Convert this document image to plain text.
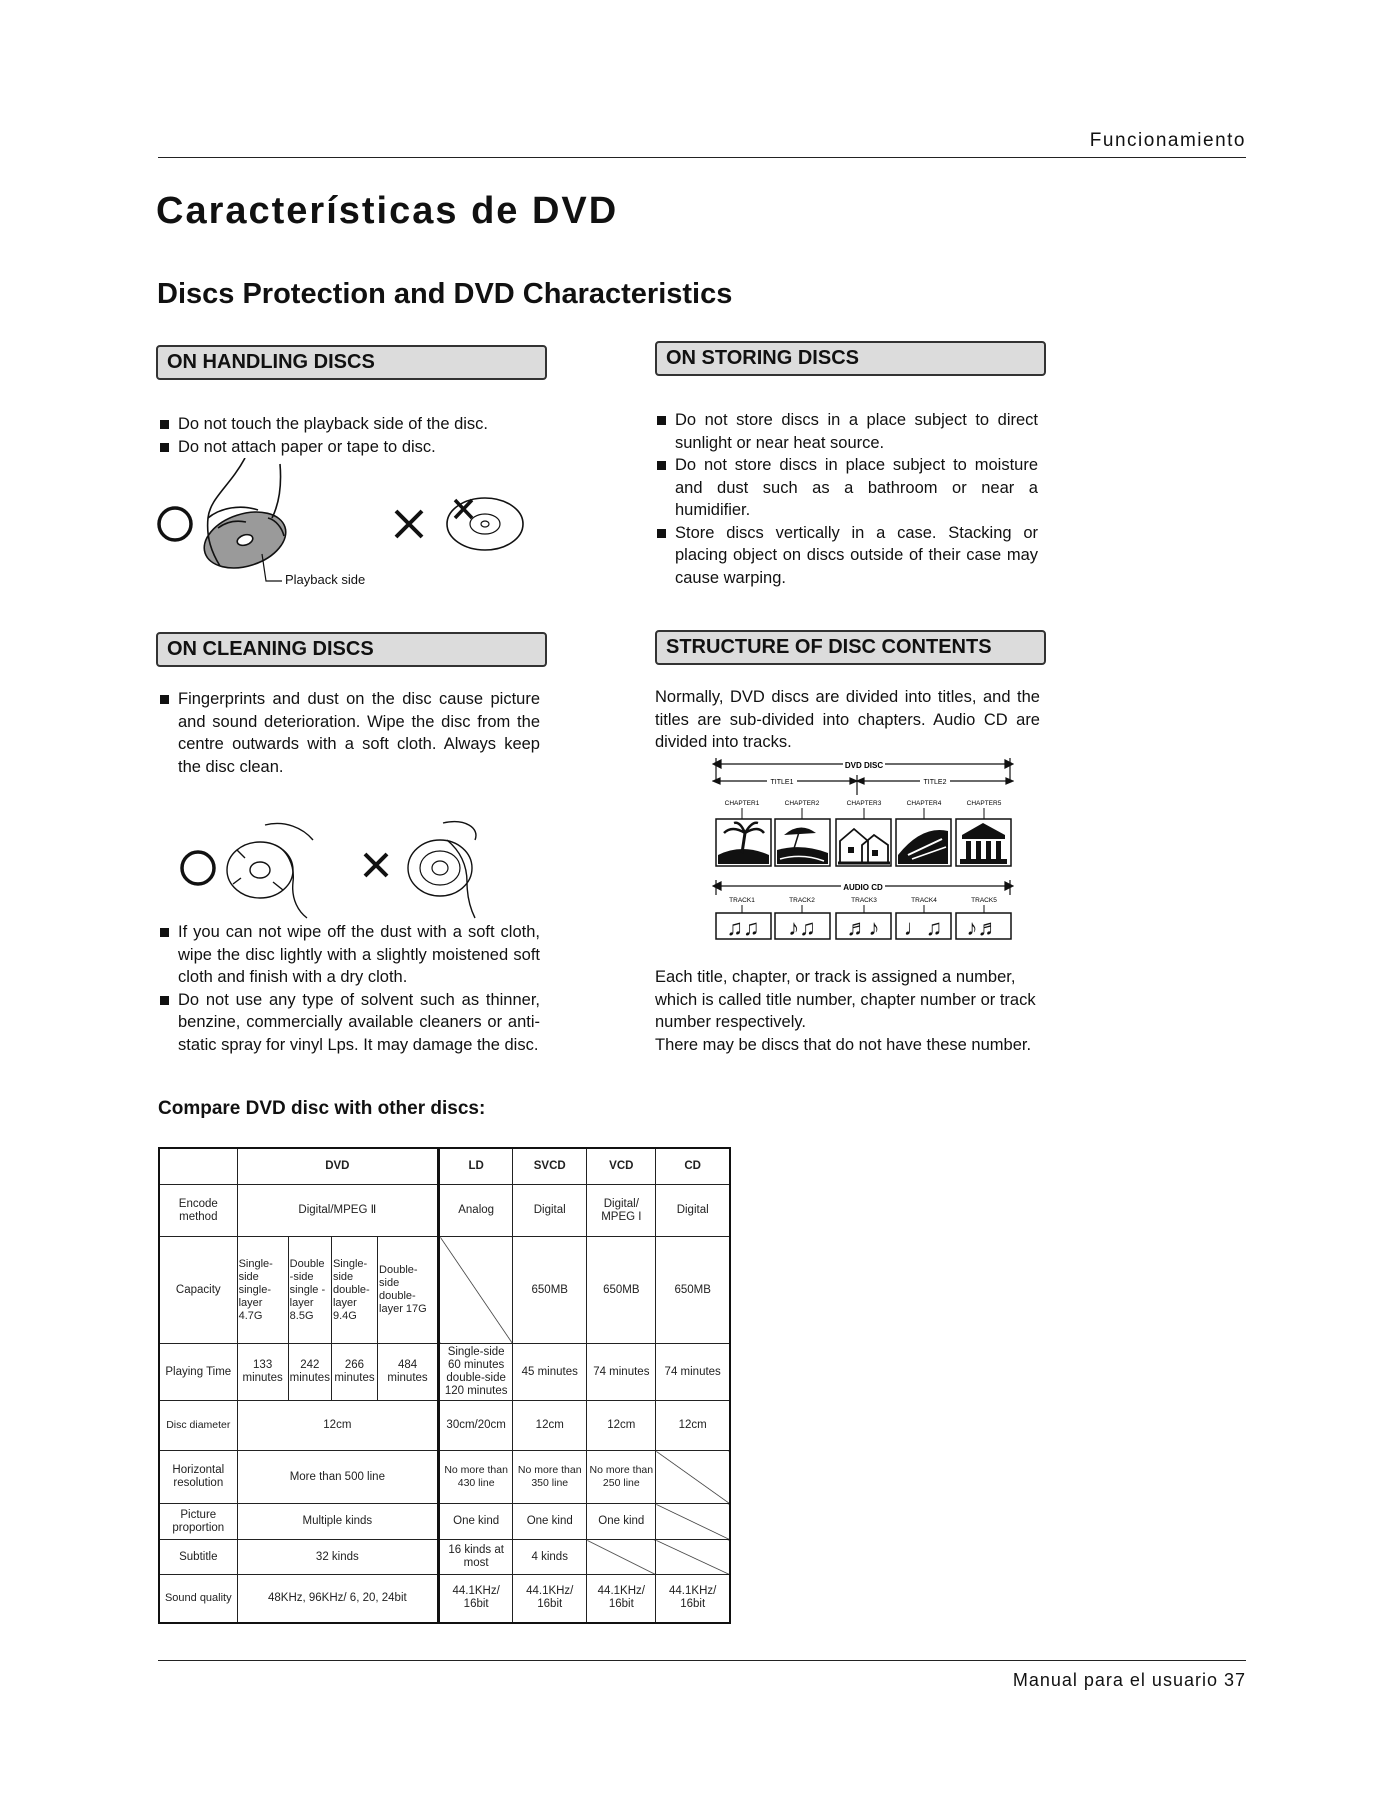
Funcionamiento
Características de DVD
Discs Protection and DVD Characteristics
ON HANDLING DISCS
Do not touch the playback side of the disc.
Do not attach paper or tape to disc.
Playback side
ON STORING DISCS
Do not store discs in a place subject to direct sunlight or near heat source.
Do not store discs in place subject to moisture and dust such as a bathroom or near a humidifier.
Store discs vertically in a case. Stacking or placing object on discs outside of their case may cause warping.
ON CLEANING DISCS
Fingerprints and dust on the disc cause picture and sound deterioration. Wipe the disc from the centre outwards with a soft cloth. Always keep the disc clean.
If you can not wipe off the dust with a soft cloth, wipe the disc lightly with a slightly moistened soft cloth and finish with a dry cloth.
Do not use any type of solvent such as thinner, benzine, commercially available cleaners or anti-static spray for vinyl Lps. It may damage the disc.
STRUCTURE OF DISC CONTENTS
Normally, DVD discs are divided into titles, and the titles are sub-divided into chapters. Audio CD are divided into tracks.
DVD DISC
TITLE1	TITLE2
CHAPTER1	CHAPTER2	CHAPTER3	CHAPTER4	CHAPTER5
AUDIO CD
TRACK1	TRACK2	TRACK3	TRACK4	TRACK5
♫♫ ♪♫ ♬♪ ♩♫ ♪♬
Each title, chapter, or track is assigned a number, which is called title number, chapter number or track number respectively.
There may be discs that do not have these number.
Compare DVD disc with other discs:
	DVD				LD	SVCD	VCD	CD
Encode method	Digital/MPEG Ⅱ				Analog	Digital	Digital/ MPEG I	Digital
Capacity	Single- side single- layer 4.7G	Double -side single -layer 8.5G	Single- side double- layer 9.4G	Double- side double- layer 17G		650MB	650MB	650MB
Playing Time	133 minutes	242 minutes	266 minutes	484 minutes	Single-side 60 minutes double-side 120 minutes	45 minutes	74 minutes	74 minutes
Disc diameter	12cm				30cm/20cm	12cm	12cm	12cm
Horizontal resolution	More than 500 line				No more than 430 line	No more than 350 line	No more than 250 line	
Picture proportion	Multiple kinds				One kind	One kind	One kind	
Subtitle	32 kinds				16 kinds at most	4 kinds		
Sound quality	48KHz, 96KHz/ 6, 20, 24bit				44.1KHz/ 16bit	44.1KHz/ 16bit	44.1KHz/ 16bit	44.1KHz/ 16bit
Manual para el usuario 37
